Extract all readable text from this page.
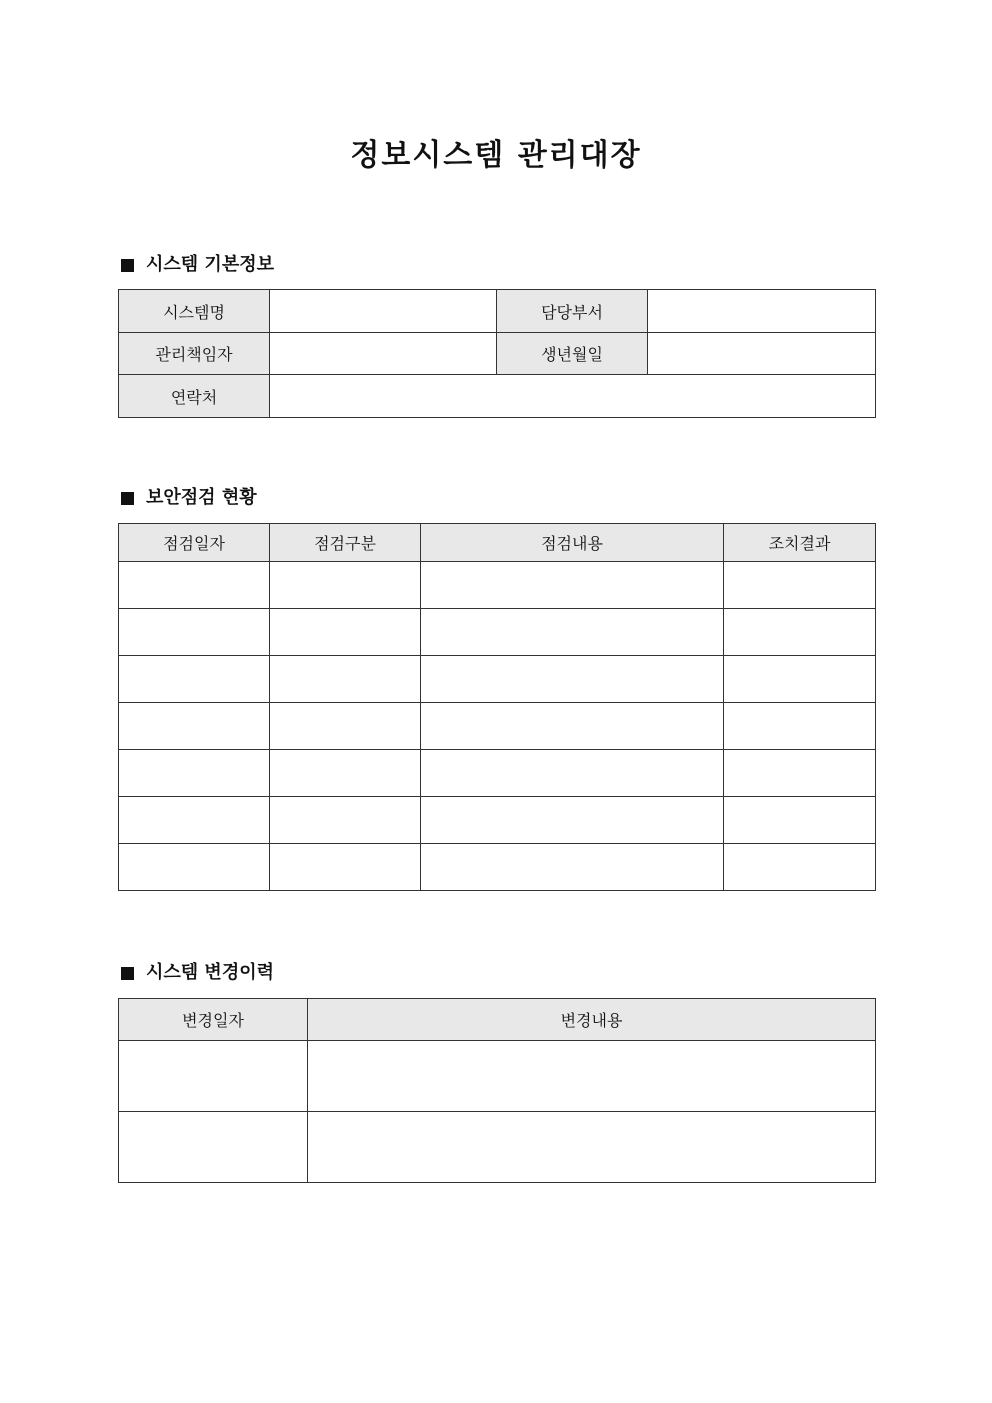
정보시스템 관리대장
시스템 기본정보
시스템명		담당부서	
관리책임자		생년월일	
연락처			
보안점검 현황
점검일자	점검구분	점검내용	조치결과

시스템 변경이력
변경일자	변경내용
